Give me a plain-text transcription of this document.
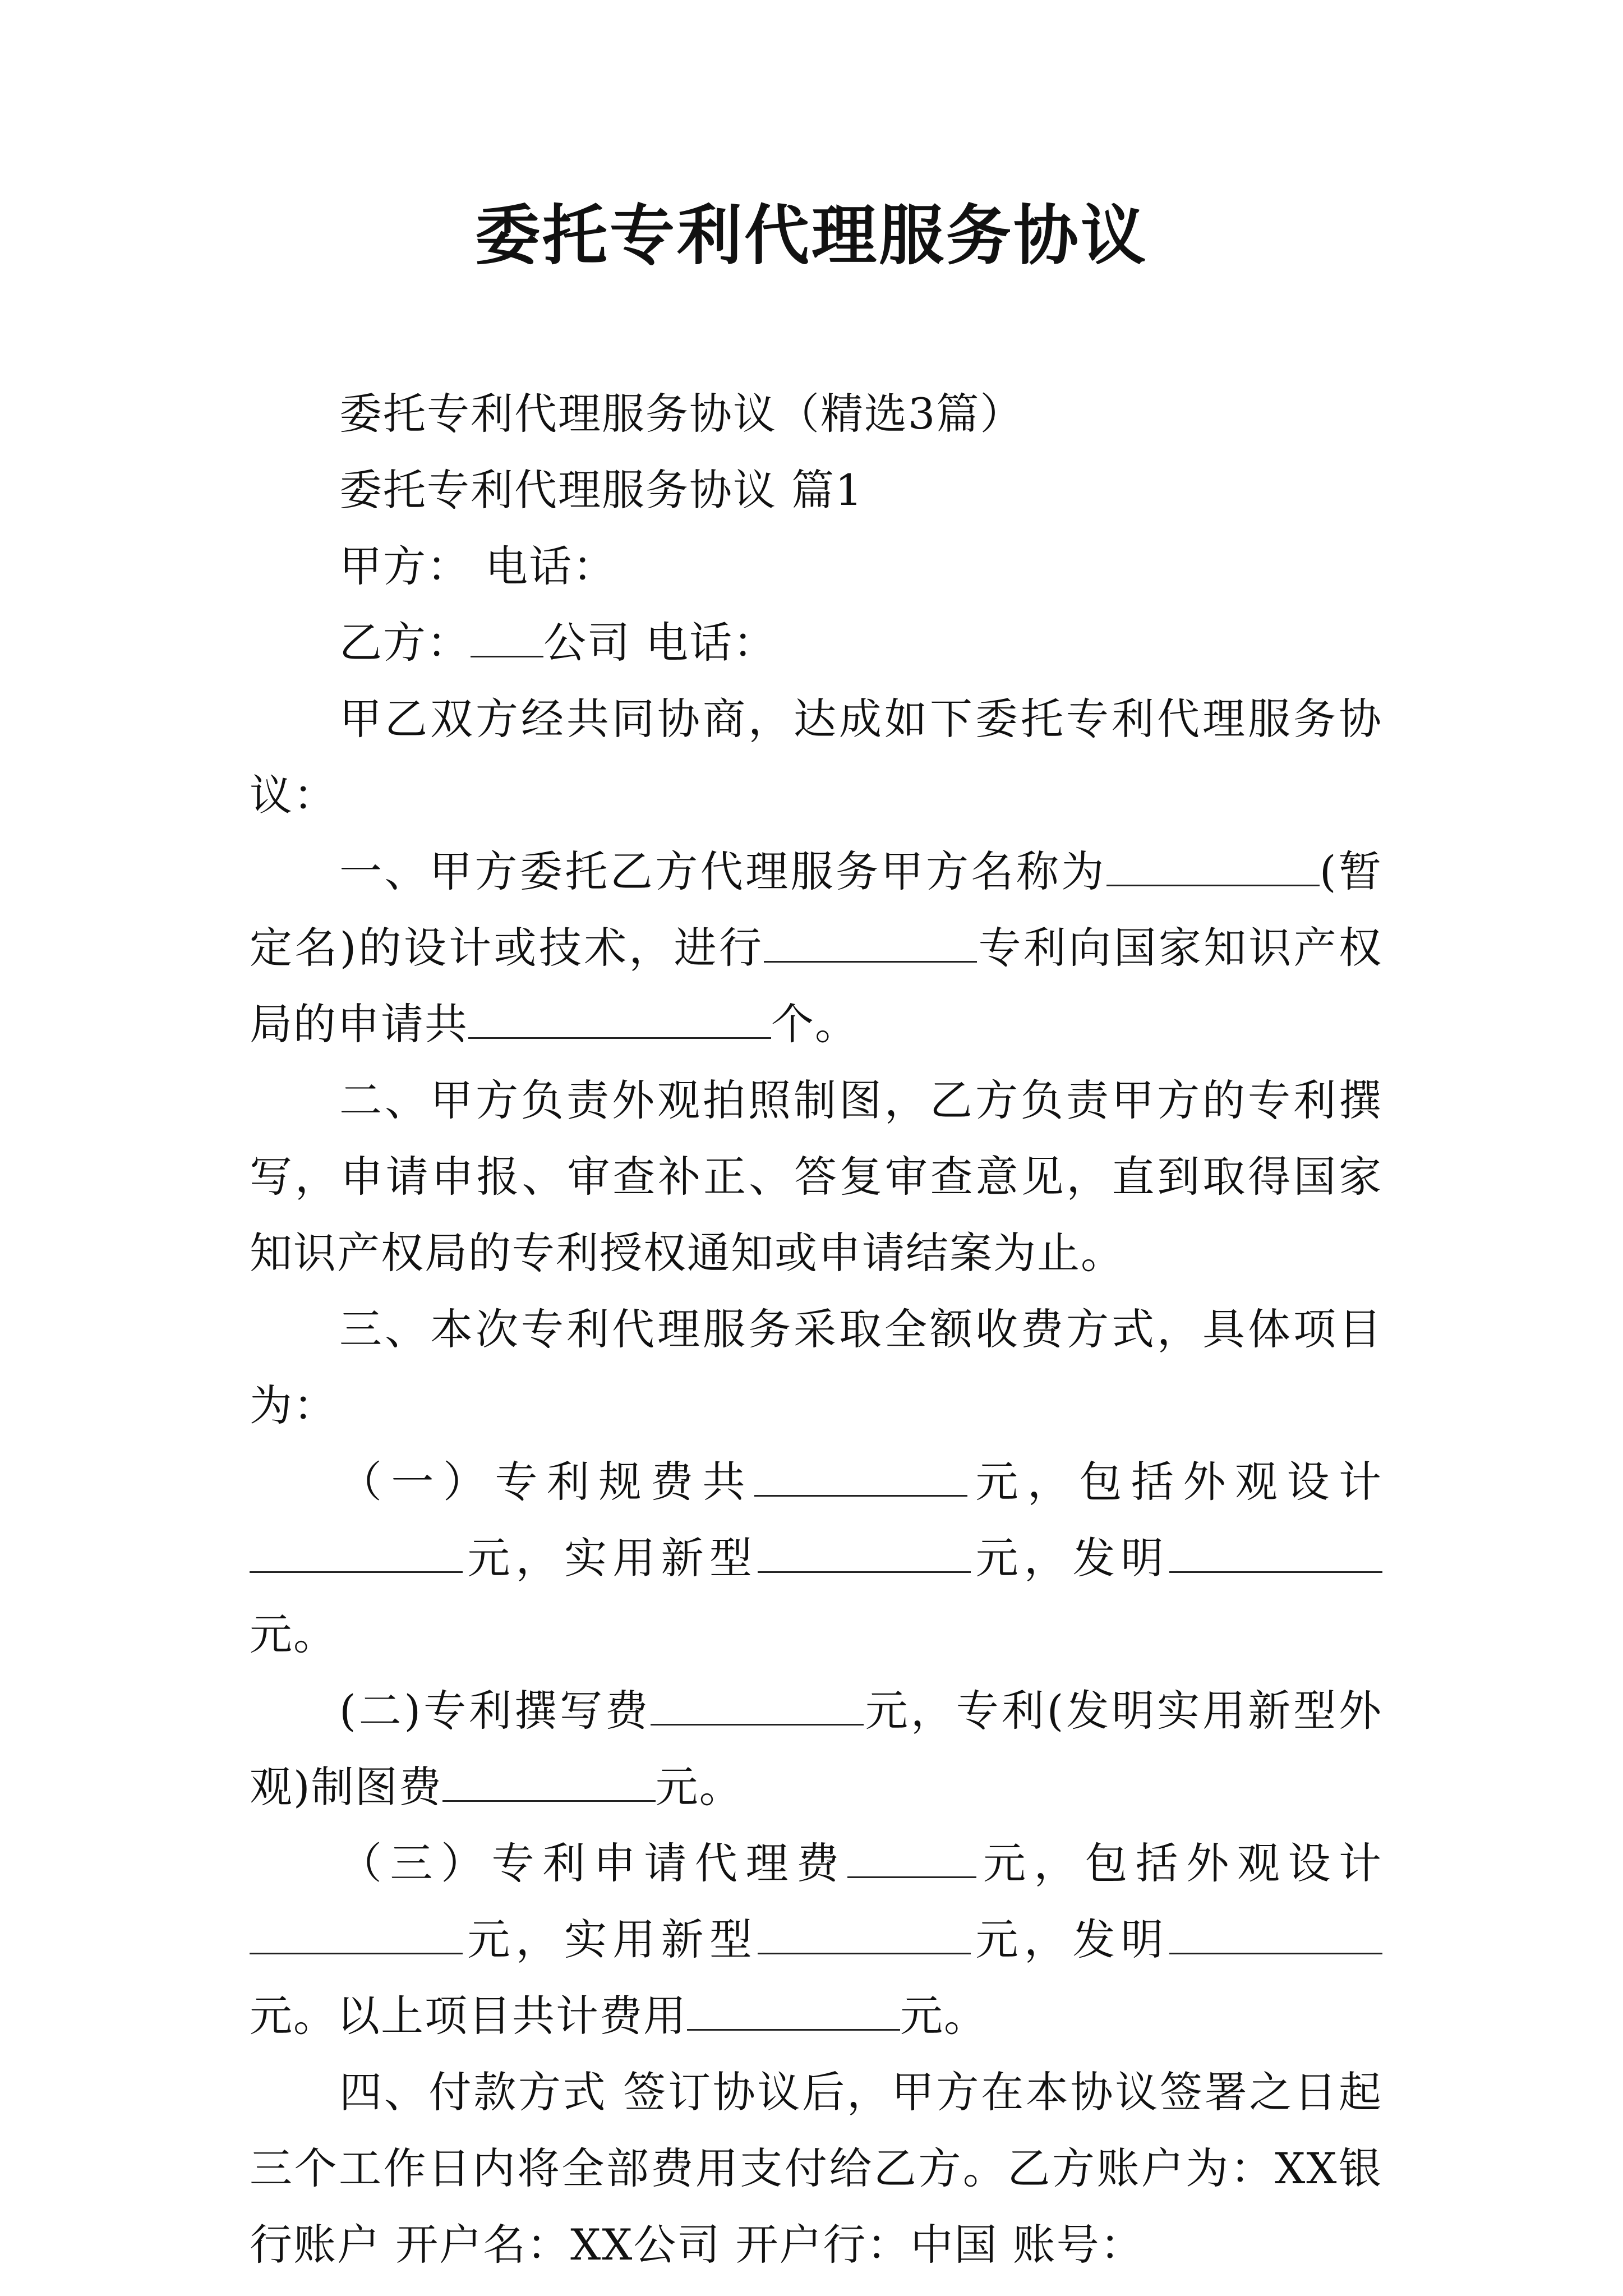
委托专利代理服务协议

委托专利代理服务协议（精选3篇）

委托专利代理服务协议 篇1

甲方： 电话：

乙方： 公司 电话：

甲乙双方经共同协商，达成如下委托专利代理服务协议：

一、甲方委托乙方代理服务甲方名称为	(暂定名)的设计或技术，进行	专利向国家知识产权局的申请共	个。

二、甲方负责外观拍照制图，乙方负责甲方的专利撰写，申请申报、审查补正、答复审查意见，直到取得国家知识产权局的专利授权通知或申请结案为止。

三、本次专利代理服务采取全额收费方式，具体项目为：

（一）专利规费共	元，包括外观设计元，实用新型	元，发明元。

(二)专利撰写费	元，专利(发明实用新型外观)制图费	元。

（三）专利申请代理费	元，包括外观设计元，实用新型	元，发明元。以上项目共计费用	元。

四、付款方式 签订协议后，甲方在本协议签署之日起三个工作日内将全部费用支付给乙方。乙方账户为：XX银行账户 开户名：XX公司 开户行：中国 账号：
